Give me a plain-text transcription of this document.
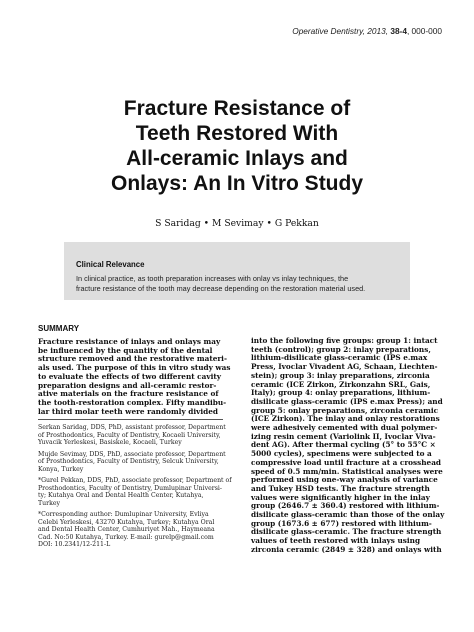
Operative Dentistry, 2013, 38-4, 000-000
Fracture Resistance of
Teeth Restored With
All-ceramic Inlays and
Onlays: An In Vitro Study
S Saridag • M Sevimay • G Pekkan
Clinical Relevance

In clinical practice, as tooth preparation increases with onlay vs inlay techniques, the
fracture resistance of the tooth may decrease depending on the restoration material used.

SUMMARY
Fracture resistance of inlays and onlays may
be influenced by the quantity of the dental
structure removed and the restorative materi-
als used. The purpose of this in vitro study was
to evaluate the effects of two different cavity
preparation designs and all-ceramic restor-
ative materials on the fracture resistance of
the tooth-restoration complex. Fifty mandibu-
lar third molar teeth were randomly divided
Serkan Saridag, DDS, PhD, assistant professor, Department
of Prosthodontics, Faculty of Dentistry, Kocaeli University,
Yuvacik Yerleskesi, Basiskele, Kocaeli, Turkey
Mujde Sevimay, DDS, PhD, associate professor, Department
of Prosthodontics, Faculty of Dentistry, Selcuk University,
Konya, Turkey
*Gurel Pekkan, DDS, PhD, associate professor, Department of
Prosthodontics, Faculty of Dentistry, Dumlupinar Universi-
ty; Kutahya Oral and Dental Health Center, Kutahya,
Turkey
*Corresponding author: Dumlupinar University, Evliya
Celebi Yerleskesi, 43270 Kutahya, Turkey; Kutahya Oral
and Dental Health Center, Cumhuriyet Mah., Haymeana
Cad. No:50 Kutahya, Turkey. E-mail: gurelp@gmail.com
DOI: 10.2341/12-211-L
into the following five groups: group 1: intact
teeth (control); group 2: inlay preparations,
lithium-disilicate glass-ceramic (IPS e.max
Press, Ivoclar Vivadent AG, Schaan, Liechten-
stein); group 3: inlay preparations, zirconia
ceramic (ICE Zirkon, Zirkonzahn SRL, Gais,
Italy); group 4: onlay preparations, lithium-
disilicate glass-ceramic (IPS e.max Press); and
group 5: onlay preparations, zirconia ceramic
(ICE Zirkon). The inlay and onlay restorations
were adhesively cemented with dual polymer-
izing resin cement (Variolink II, Ivoclar Viva-
dent AG). After thermal cycling (5° to 55°C ×
5000 cycles), specimens were subjected to a
compressive load until fracture at a crosshead
speed of 0.5 mm/min. Statistical analyses were
performed using one-way analysis of variance
and Tukey HSD tests. The fracture strength
values were significantly higher in the inlay
group (2646.7 ± 360.4) restored with lithium-
disilicate glass-ceramic than those of the onlay
group (1673.6 ± 677) restored with lithium-
disilicate glass-ceramic. The fracture strength
values of teeth restored with inlays using
zirconia ceramic (2849 ± 328) and onlays with
